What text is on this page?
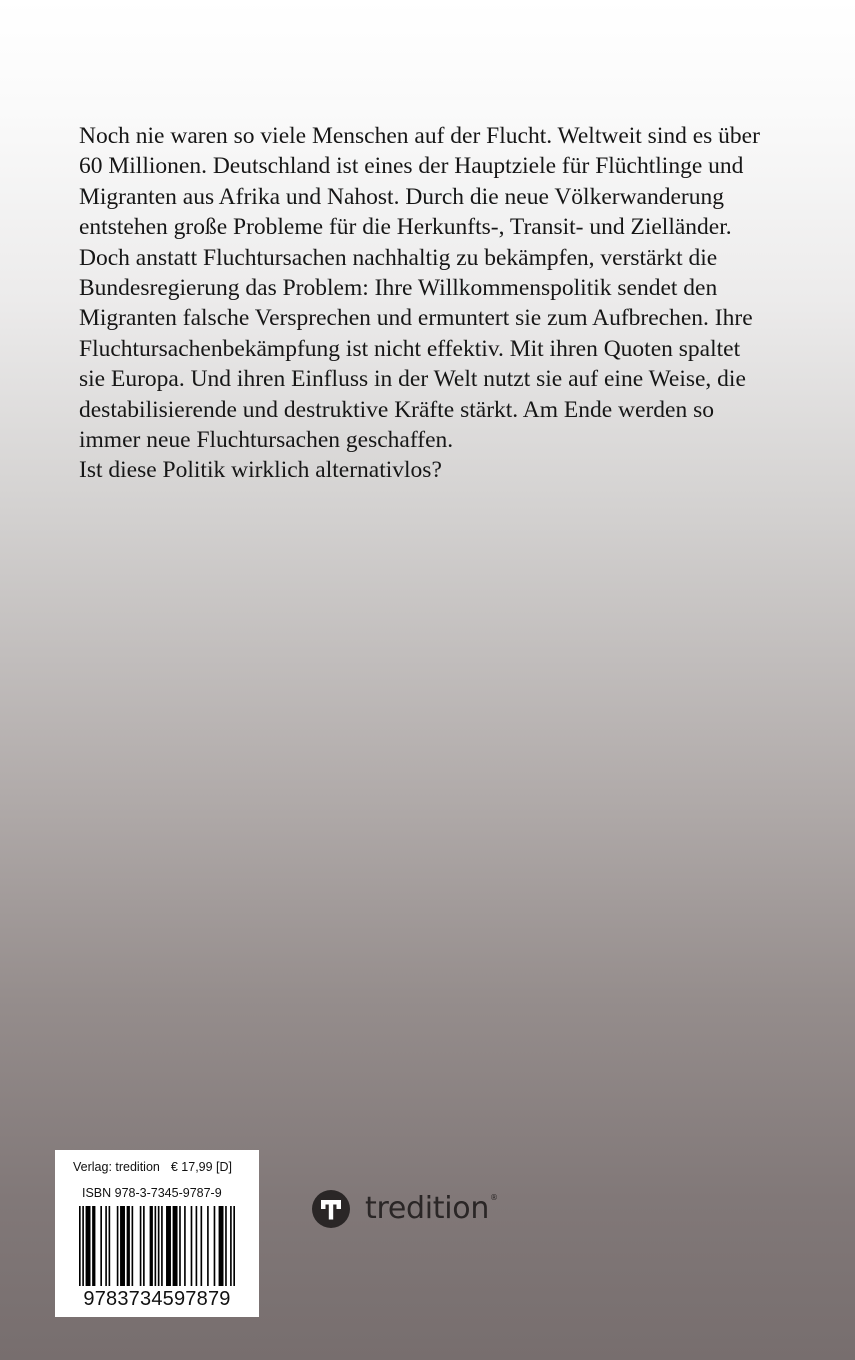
Noch nie waren so viele Menschen auf der Flucht. Weltweit sind es über
60 Millionen. Deutschland ist eines der Hauptziele für Flüchtlinge und
Migranten aus Afrika und Nahost. Durch die neue Völkerwanderung
entstehen große Probleme für die Herkunfts-, Transit- und Zielländer.
Doch anstatt Fluchtursachen nachhaltig zu bekämpfen, verstärkt die
Bundesregierung das Problem: Ihre Willkommenspolitik sendet den
Migranten falsche Versprechen und ermuntert sie zum Aufbrechen. Ihre
Fluchtursachenbekämpfung ist nicht effektiv. Mit ihren Quoten spaltet
sie Europa. Und ihren Einfluss in der Welt nutzt sie auf eine Weise, die
destabilisierende und destruktive Kräfte stärkt. Am Ende werden so
immer neue Fluchtursachen geschaffen.
Ist diese Politik wirklich alternativlos?
Verlag: tredition € 17,99 [D]
ISBN 978-3-7345-9787-9
9783734597879
tredition ®
